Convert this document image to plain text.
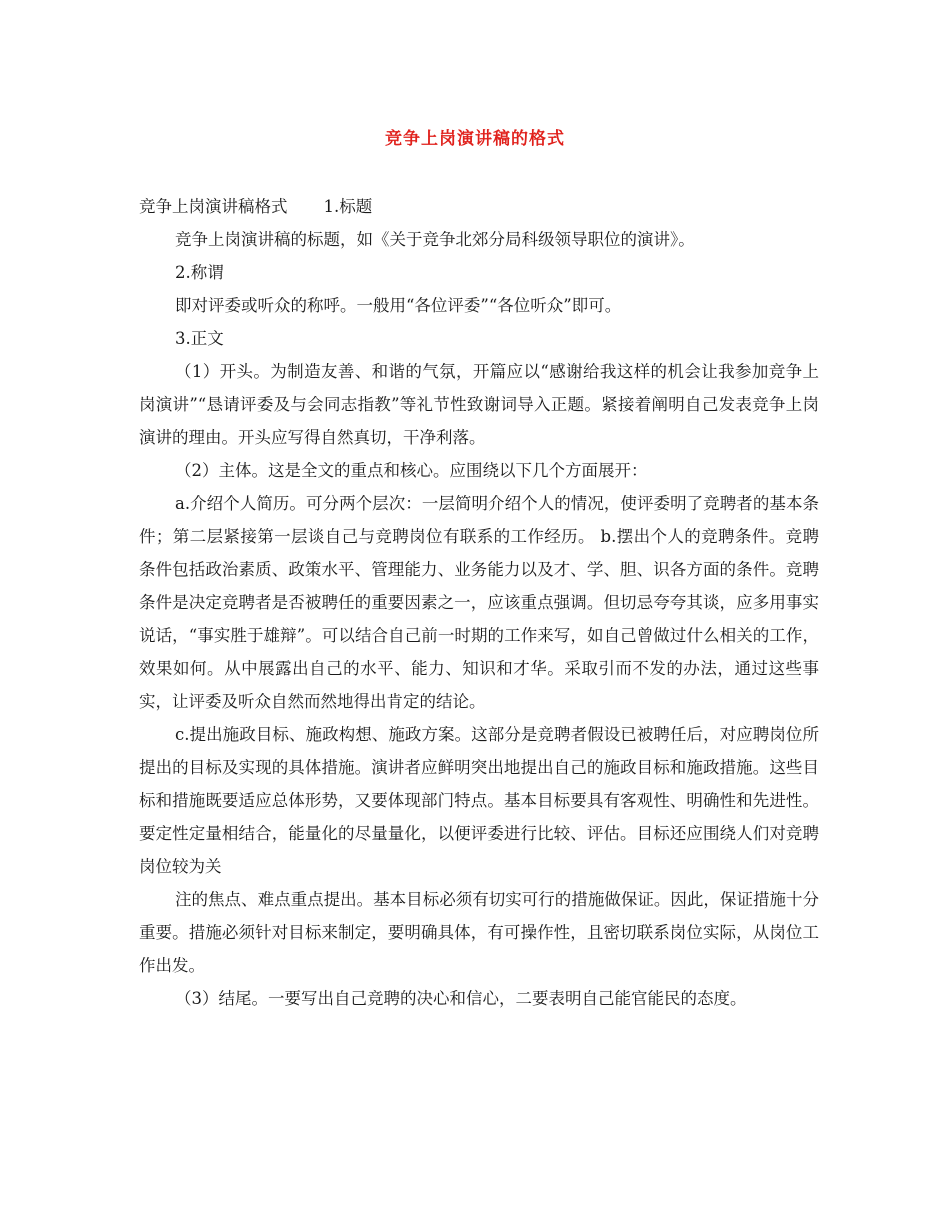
竞争上岗演讲稿的格式

竞争上岗演讲稿格式 1.标题

竞争上岗演讲稿的标题，如《关于竞争北郊分局科级领导职位的演讲》。

2.称谓

即对评委或听众的称呼。一般用“各位评委”“各位听众”即可。

3.正文

（1）开头。为制造友善、和谐的气氛，开篇应以“感谢给我这样的机会让我参加竞争上岗演讲”“恳请评委及与会同志指教”等礼节性致谢词导入正题。紧接着阐明自己发表竞争上岗演讲的理由。开头应写得自然真切，干净利落。

（2）主体。这是全文的重点和核心。应围绕以下几个方面展开：

a.介绍个人简历。可分两个层次：一层简明介绍个人的情况，使评委明了竞聘者的基本条件；第二层紧接第一层谈自己与竞聘岗位有联系的工作经历。 b.摆出个人的竞聘条件。竞聘条件包括政治素质、政策水平、管理能力、业务能力以及才、学、胆、识各方面的条件。竞聘条件是决定竞聘者是否被聘任的重要因素之一，应该重点强调。但切忌夸夸其谈，应多用事实说话，“事实胜于雄辩”。可以结合自己前一时期的工作来写，如自己曾做过什么相关的工作，效果如何。从中展露出自己的水平、能力、知识和才华。采取引而不发的办法，通过这些事实，让评委及听众自然而然地得出肯定的结论。

c.提出施政目标、施政构想、施政方案。这部分是竞聘者假设已被聘任后，对应聘岗位所提出的目标及实现的具体措施。演讲者应鲜明突出地提出自己的施政目标和施政措施。这些目标和措施既要适应总体形势，又要体现部门特点。基本目标要具有客观性、明确性和先进性。要定性定量相结合，能量化的尽量量化，以便评委进行比较、评估。目标还应围绕人们对竞聘岗位较为关

注的焦点、难点重点提出。基本目标必须有切实可行的措施做保证。因此，保证措施十分重要。措施必须针对目标来制定，要明确具体，有可操作性，且密切联系岗位实际，从岗位工作出发。

（3）结尾。一要写出自己竞聘的决心和信心，二要表明自己能官能民的态度。
